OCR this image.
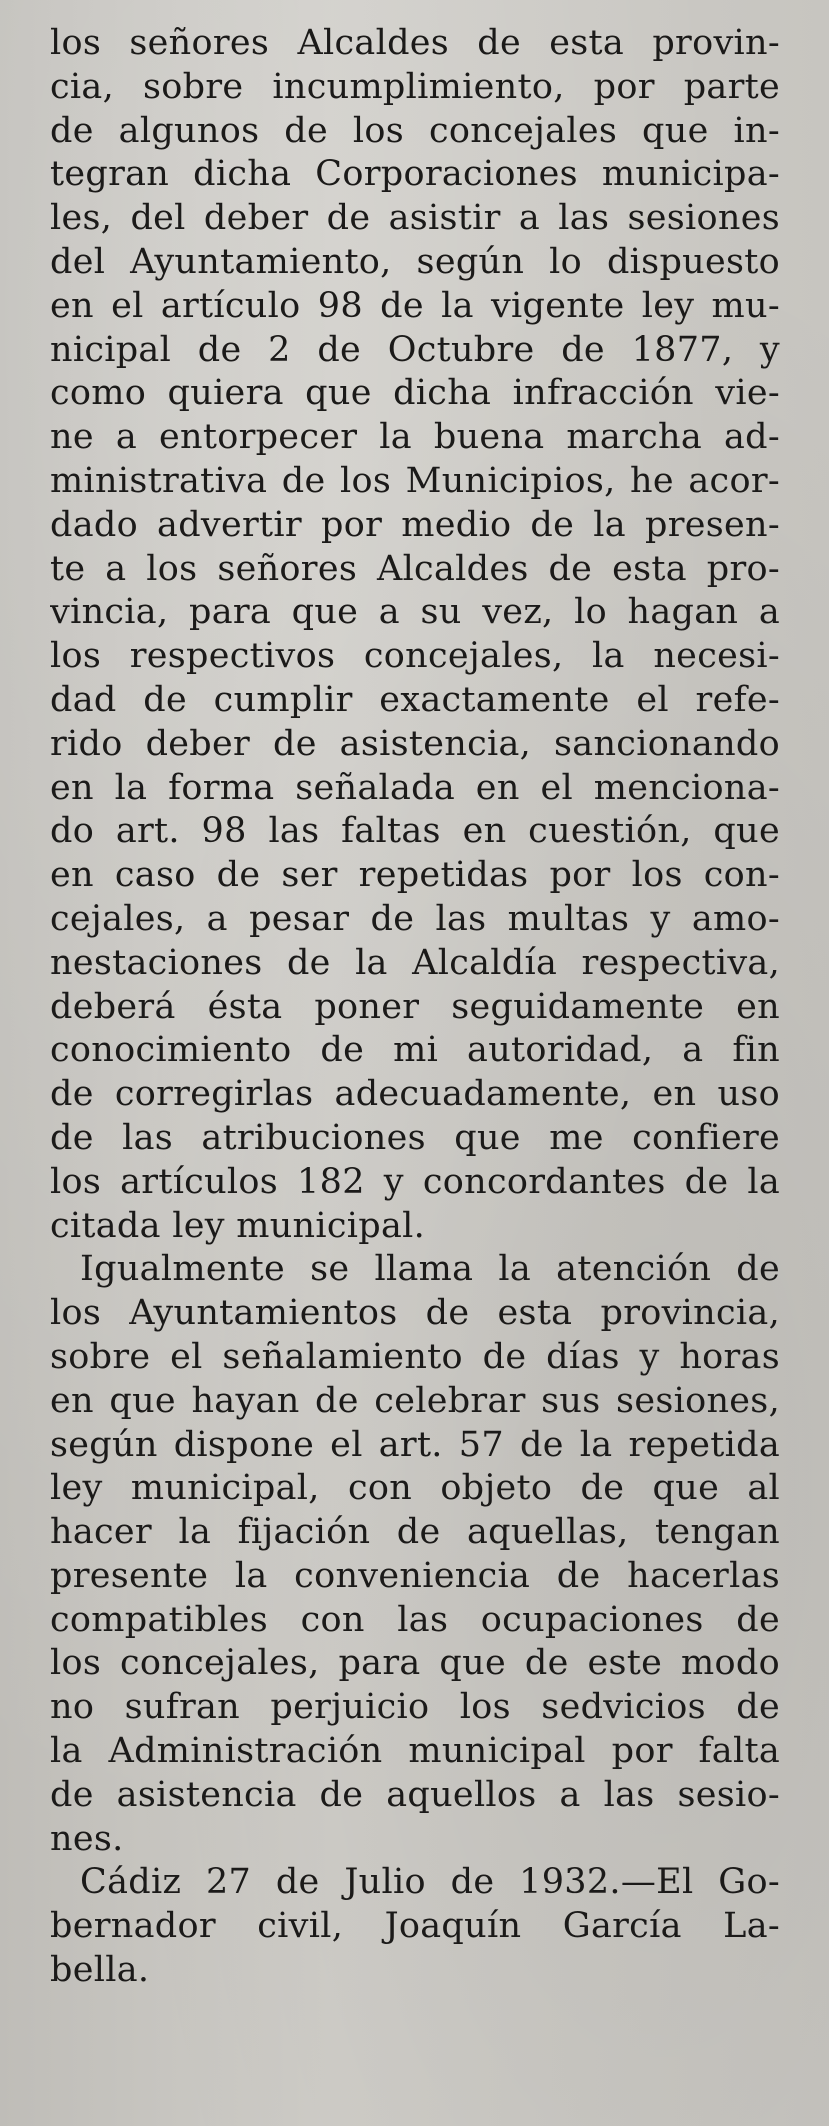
los señores Alcaldes de esta provin-
cia, sobre incumplimiento, por parte
de algunos de los concejales que in-
tegran dicha Corporaciones municipa-
les, del deber de asistir a las sesiones
del Ayuntamiento, según lo dispuesto
en el artículo 98 de la vigente ley mu-
nicipal de 2 de Octubre de 1877, y
como quiera que dicha infracción vie-
ne a entorpecer la buena marcha ad-
ministrativa de los Municipios, he acor-
dado advertir por medio de la presen-
te a los señores Alcaldes de esta pro-
vincia, para que a su vez, lo hagan a
los respectivos concejales, la necesi-
dad de cumplir exactamente el refe-
rido deber de asistencia, sancionando
en la forma señalada en el menciona-
do art. 98 las faltas en cuestión, que
en caso de ser repetidas por los con-
cejales, a pesar de las multas y amo-
nestaciones de la Alcaldía respectiva,
deberá ésta poner seguidamente en
conocimiento de mi autoridad, a fin
de corregirlas adecuadamente, en uso
de las atribuciones que me confiere
los artículos 182 y concordantes de la
citada ley municipal.
Igualmente se llama la atención de
los Ayuntamientos de esta provincia,
sobre el señalamiento de días y horas
en que hayan de celebrar sus sesiones,
según dispone el art. 57 de la repetida
ley municipal, con objeto de que al
hacer la fijación de aquellas, tengan
presente la conveniencia de hacerlas
compatibles con las ocupaciones de
los concejales, para que de este modo
no sufran perjuicio los sedvicios de
la Administración municipal por falta
de asistencia de aquellos a las sesio-
nes.
Cádiz 27 de Julio de 1932.—El Go-
bernador civil, Joaquín García La-
bella.
